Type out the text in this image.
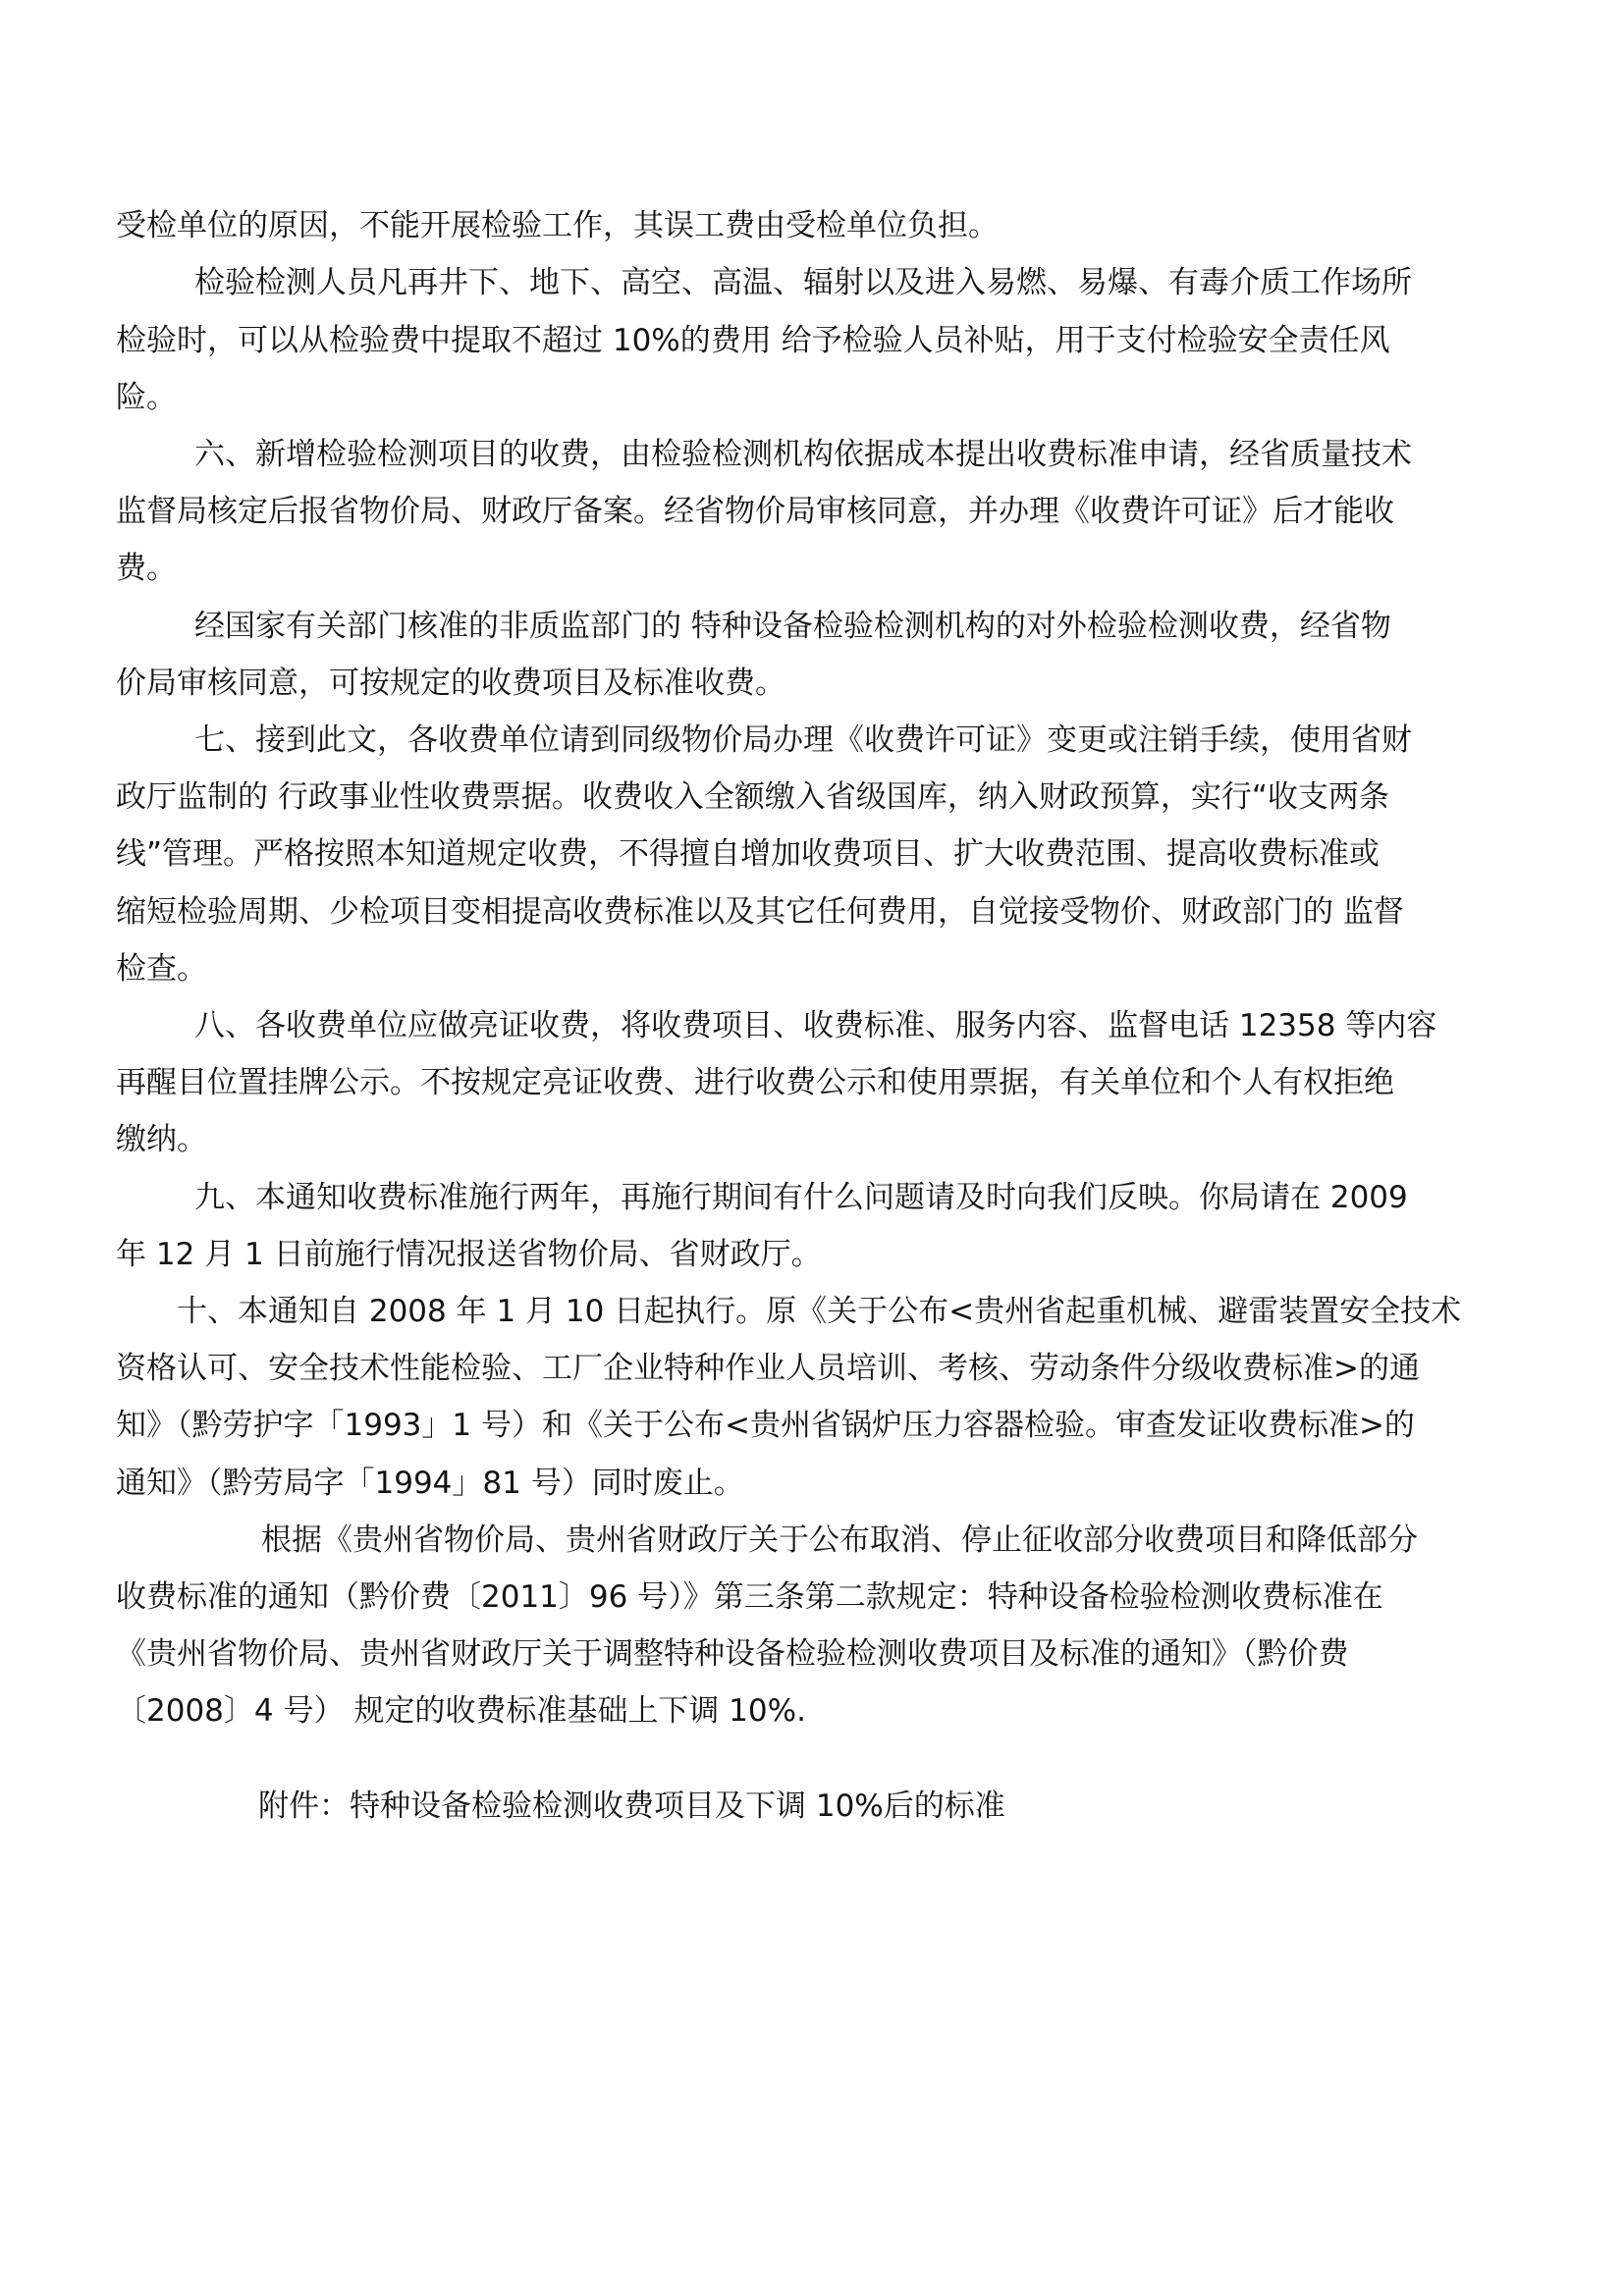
受检单位的原因，不能开展检验工作，其误工费由受检单位负担。
检验检测人员凡再井下、地下、高空、高温、辐射以及进入易燃、易爆、有毒介质工作场所
检验时，可以从检验费中提取不超过 10%的费用 给予检验人员补贴，用于支付检验安全责任风
险。
六、新增检验检测项目的收费，由检验检测机构依据成本提出收费标准申请，经省质量技术
监督局核定后报省物价局、财政厅备案。经省物价局审核同意，并办理《收费许可证》后才能收
费。
经国家有关部门核准的非质监部门的 特种设备检验检测机构的对外检验检测收费，经省物
价局审核同意，可按规定的收费项目及标准收费。
七、接到此文，各收费单位请到同级物价局办理《收费许可证》变更或注销手续，使用省财
政厅监制的 行政事业性收费票据。收费收入全额缴入省级国库，纳入财政预算，实行“收支两条
线”管理。严格按照本知道规定收费，不得擅自增加收费项目、扩大收费范围、提高收费标准或
缩短检验周期、少检项目变相提高收费标准以及其它任何费用，自觉接受物价、财政部门的 监督
检查。
八、各收费单位应做亮证收费，将收费项目、收费标准、服务内容、监督电话 12358 等内容
再醒目位置挂牌公示。不按规定亮证收费、进行收费公示和使用票据，有关单位和个人有权拒绝
缴纳。
九、本通知收费标准施行两年，再施行期间有什么问题请及时向我们反映。你局请在 2009
年 12 月 1 日前施行情况报送省物价局、省财政厅。
十、本通知自 2008 年 1 月 10 日起执行。原《关于公布<贵州省起重机械、避雷装置安全技术
资格认可、安全技术性能检验、工厂企业特种作业人员培训、考核、劳动条件分级收费标准>的通
知》（黔劳护字「1993」1 号）和《关于公布<贵州省锅炉压力容器检验。审查发证收费标准>的
通知》（黔劳局字「1994」81 号）同时废止。
根据《贵州省物价局、贵州省财政厅关于公布取消、停止征收部分收费项目和降低部分
收费标准的通知（黔价费〔2011〕96 号）》第三条第二款规定：特种设备检验检测收费标准在
《贵州省物价局、贵州省财政厅关于调整特种设备检验检测收费项目及标准的通知》（黔价费
〔2008〕4 号） 规定的收费标准基础上下调 10%.
附件：特种设备检验检测收费项目及下调 10%后的标准
